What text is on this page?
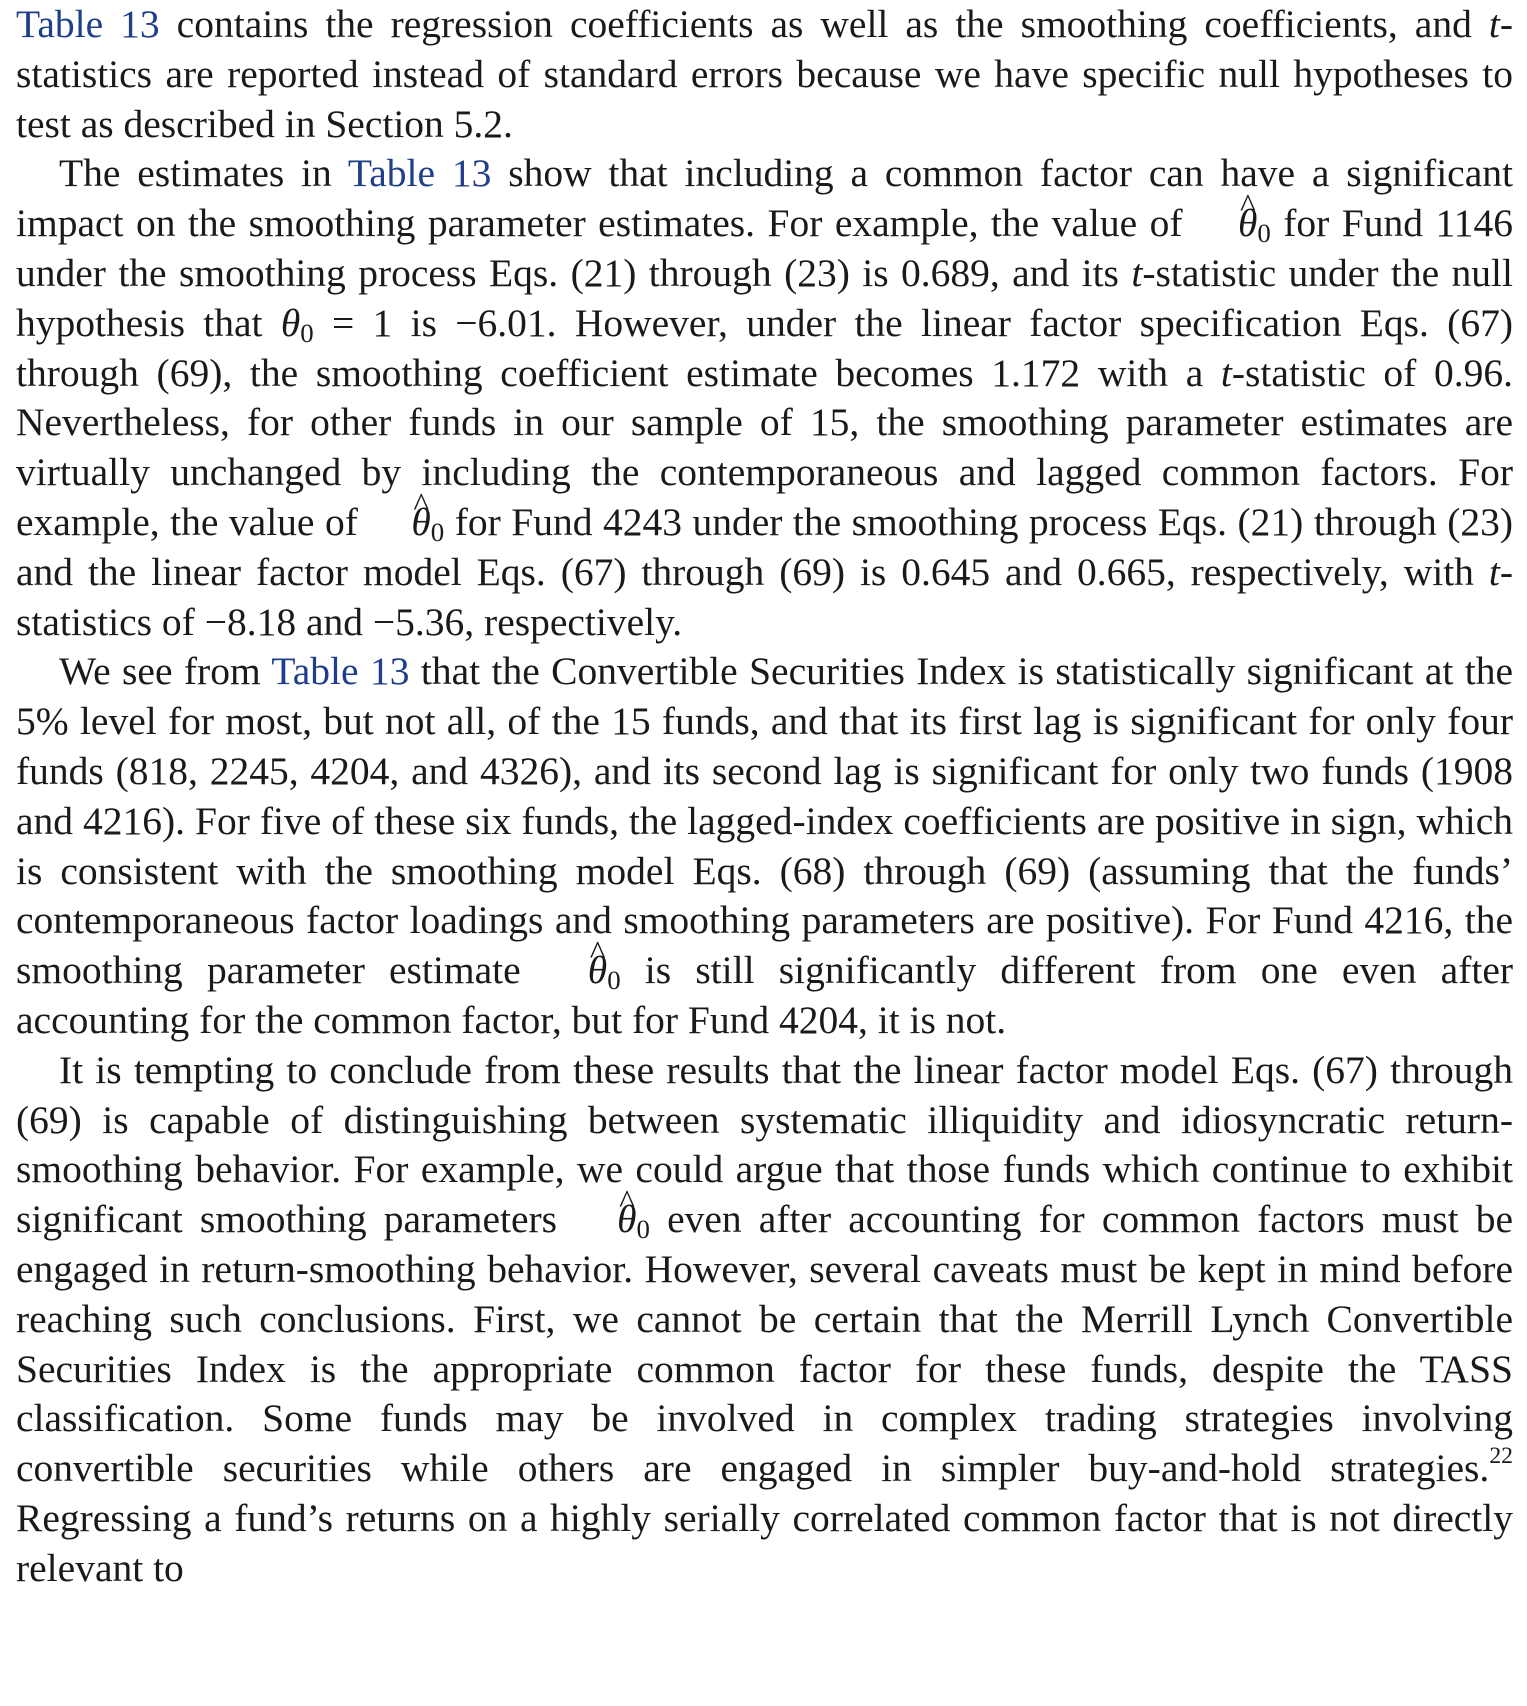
Table 13 contains the regression coefficients as well as the smoothing coefficients, and t-statistics are reported instead of standard errors because we have specific null hypotheses to test as described in Section 5.2.

The estimates in Table 13 show that including a common factor can have a significant impact on the smoothing parameter estimates. For example, the value of ^ $\theta_0$ for Fund 1146 under the smoothing process Eqs. (21) through (23) is 0.689, and its t-statistic under the null hypothesis that $\theta_0 = 1$ is −6.01. However, under the linear factor specification Eqs. (67) through (69), the smoothing coefficient estimate becomes 1.172 with a t-statistic of 0.96. Nevertheless, for other funds in our sample of 15, the smoothing parameter estimates are virtually unchanged by including the contemporaneous and lagged common factors. For example, the value of ^ $\theta_0$ for Fund 4243 under the smoothing process Eqs. (21) through (23) and the linear factor model Eqs. (67) through (69) is 0.645 and 0.665, respectively, with t-statistics of −8.18 and −5.36, respectively.

We see from Table 13 that the Convertible Securities Index is statistically significant at the 5% level for most, but not all, of the 15 funds, and that its first lag is significant for only four funds (818, 2245, 4204, and 4326), and its second lag is significant for only two funds (1908 and 4216). For five of these six funds, the lagged-index coefficients are positive in sign, which is consistent with the smoothing model Eqs. (68) through (69) (assuming that the funds’ contemporaneous factor loadings and smoothing parameters are positive). For Fund 4216, the smoothing parameter estimate ^ $\theta_0$ is still significantly different from one even after accounting for the common factor, but for Fund 4204, it is not.

It is tempting to conclude from these results that the linear factor model Eqs. (67) through (69) is capable of distinguishing between systematic illiquidity and idiosyncratic return-smoothing behavior. For example, we could argue that those funds which continue to exhibit significant smoothing parameters ^ $\theta_0$ even after accounting for common factors must be engaged in return-smoothing behavior. However, several caveats must be kept in mind before reaching such conclusions. First, we cannot be certain that the Merrill Lynch Convertible Securities Index is the appropriate common factor for these funds, despite the TASS classification. Some funds may be involved in complex trading strategies involving convertible securities while others are engaged in simpler buy-and-hold strategies.$^{22}$ Regressing a fund’s returns on a highly serially correlated common factor that is not directly relevant to
